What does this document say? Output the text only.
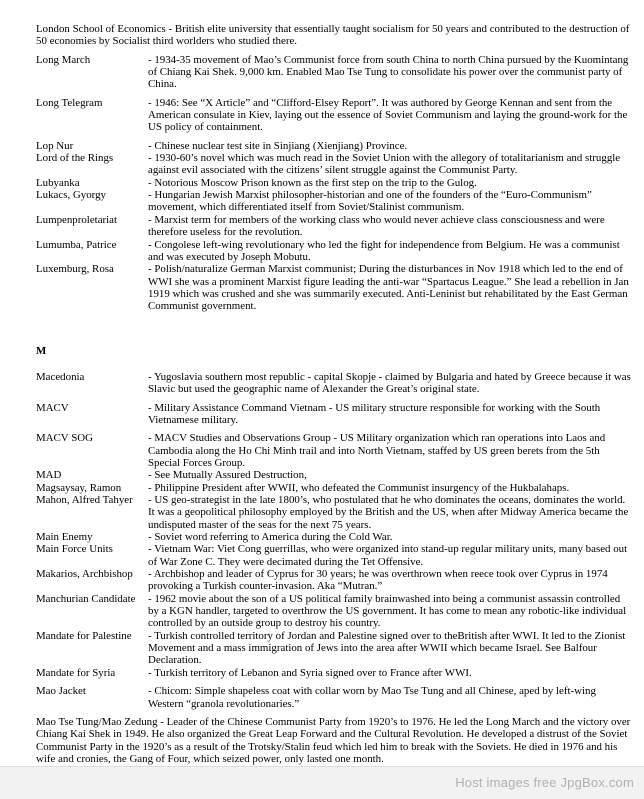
London School of Economics - British elite university that essentially taught socialism for 50 years and contributed to the destruction of 50 economies by Socialist third worlders who studied there.
Long March	- 1934-35 movement of Mao’s Communist force from south China to north China pursued by the Kuomintang of Chiang Kai Shek. 9,000 km. Enabled Mao Tse Tung to consolidate his power over the communist party of China.
Long Telegram	- 1946: See “X Article” and “Clifford-Elsey Report”. It was authored by George Kennan and sent from the American consulate in Kiev, laying out the essence of Soviet Communism and laying the ground-work for the US policy of containment.
Lop Nur	- Chinese nuclear test site in Sinjiang (Xienjiang) Province.
Lord of the Rings	- 1930-60’s novel which was much read in the Soviet Union with the allegory of totalitarianism and struggle against evil associated with the citizens’ silent struggle against the Communist Party.
Lubyanka	- Notorious Moscow Prison known as the first step on the trip to the Gulog.
Lukacs, Gyorgy	- Hungarian Jewish Marxist philosopher-historian and one of the founders of the “Euro-Communism” movement, which differentiated itself from Soviet/Stalinist communism.
Lumpenproletariat	- Marxist term for members of the working class who would never achieve class consciousness and were therefore useless for the revolution.
Lumumba, Patrice	- Congolese left-wing revolutionary who led the fight for independence from Belgium. He was a communist and was executed by Joseph Mobutu.
Luxemburg, Rosa	- Polish/naturalize German Marxist communist; During the disturbances in Nov 1918 which led to the end of WWI she was a prominent Marxist figure leading the anti-war “Spartacus League.” She lead a rebellion in Jan 1919 which was crushed and she was summarily executed. Anti-Leninist but rehabilitated by the East German Communist government.
M
Macedonia	- Yugoslavia southern most republic - capital Skopje - claimed by Bulgaria and hated by Greece because it was Slavic but used the geographic name of Alexander the Great’s original state.
MACV	- Military Assistance Command Vietnam - US military structure responsible for working with the South Vietnamese military.
MACV SOG	- MACV Studies and Observations Group - US Military organization which ran operations into Laos and Cambodia along the Ho Chi Minh trail and into North Vietnam, staffed by US green berets from the 5th Special Forces Group.
MAD	- See Mutually Assured Destruction,
Magsaysay, Ramon	- Philippine President after WWII, who defeated the Communist insurgency of the Hukbalahaps.
Mahon, Alfred Tahyer	- US geo-strategist in the late 1800’s, who postulated that he who dominates the oceans, dominates the world. It was a geopolitical philosophy employed by the British and the US, when after Midway America became the undisputed master of the seas for the next 75 years.
Main Enemy	- Soviet word referring to America during the Cold War.
Main Force Units	- Vietnam War: Viet Cong guerrillas, who were organized into stand-up regular military units, many based out of War Zone C. They were decimated during the Tet Offensive.
Makarios, Archbishop	- Archbishop and leader of Cyprus for 30 years; he was overthrown when reece took over Cyprus in 1974 provoking a Turkish counter-invasion. Aka “Mutran.”
Manchurian Candidate	- 1962 movie about the son of a US political family brainwashed into being a communist assassin controlled by a KGN handler, targeted to overthrow the US government. It has come to mean any robotic-like individual controlled by an outside group to destroy his country.
Mandate for Palestine	- Turkish controlled territory of Jordan and Palestine signed over to theBritish after WWI. It led to the Zionist Movement and a mass immigration of Jews into the area after WWII which became Israel. See Balfour Declaration.
Mandate for Syria	- Turkish territory of Lebanon and Syria signed over to France after WWI.
Mao Jacket	- Chicom: Simple shapeless coat with collar worn by Mao Tse Tung and all Chinese, aped by left-wing Western “granola revolutionaries.”
Mao Tse Tung/Mao Zedung - Leader of the Chinese Communist Party from 1920’s to 1976. He led the Long March and the victory over Chiang Kai Shek in 1949. He also organized the Great Leap Forward and the Cultural Revolution. He developed a distrust of the Soviet Communist Party in the 1920’s as a result of the Trotsky/Stalin feud which led him to break with the Soviets. He died in 1976 and his wife and cronies, the Gang of Four, which seized power, only lasted one month.
Host images free JpgBox.com
